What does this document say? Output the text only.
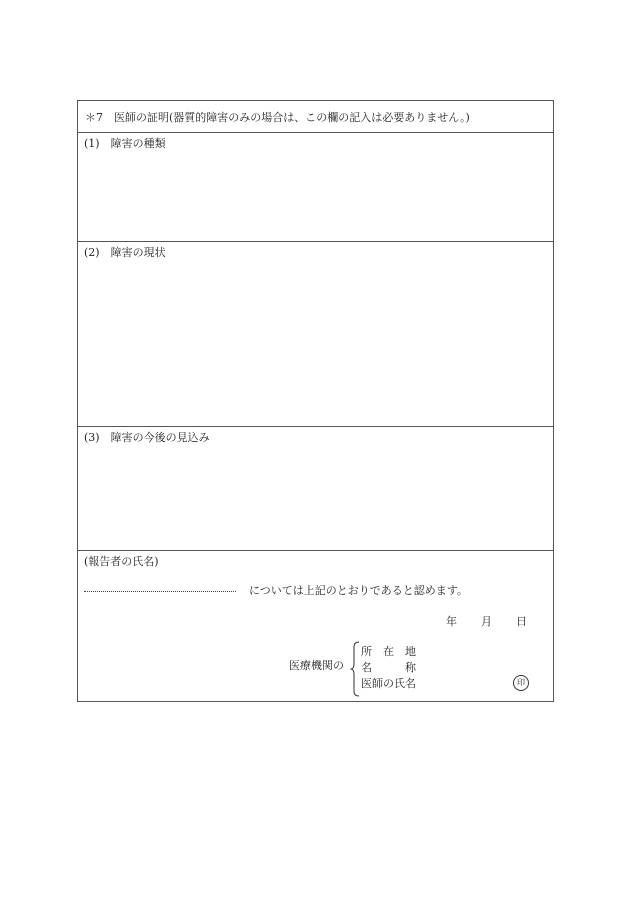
＊7　医師の証明(器質的障害のみの場合は、この欄の記入は必要ありません。)
(1)　障害の種類
(2)　障害の現状
(3)　障害の今後の見込み
(報告者の氏名)
については上記のとおりであると認めます。
年 月 日
医療機関の
所　在　地
名　　　称
医師の氏名	印
